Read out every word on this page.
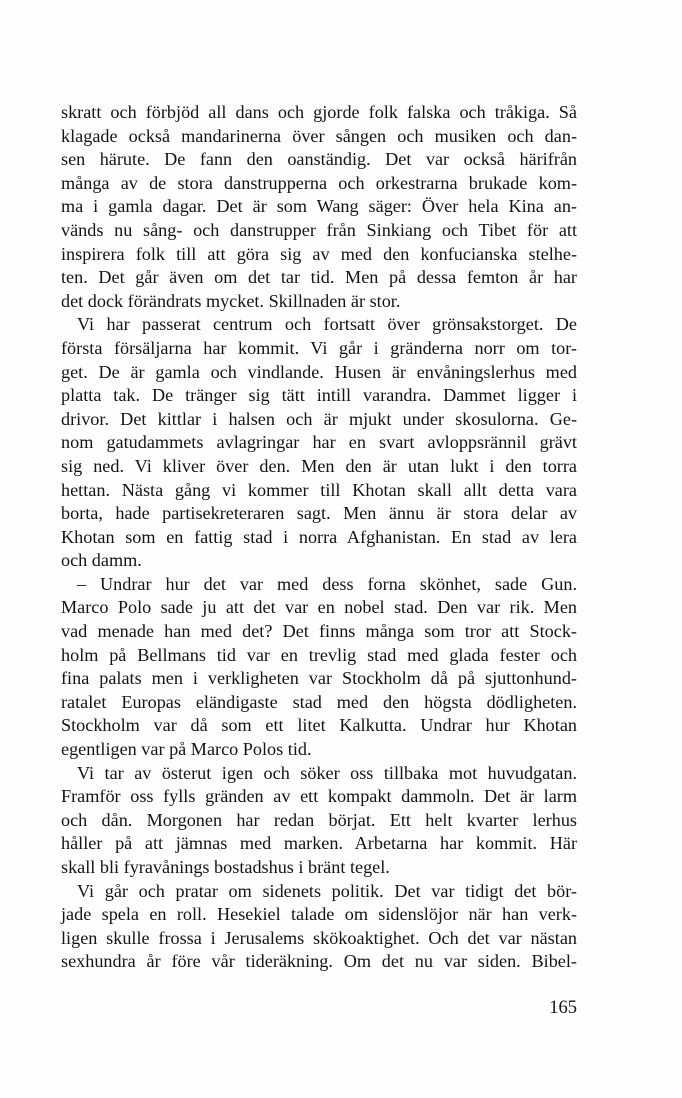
skratt och förbjöd all dans och gjorde folk falska och tråkiga. Så
klagade också mandarinerna över sången och musiken och dan-
sen härute. De fann den oanständig. Det var också härifrån
många av de stora danstrupperna och orkestrarna brukade kom-
ma i gamla dagar. Det är som Wang säger: Över hela Kina an-
vänds nu sång- och danstrupper från Sinkiang och Tibet för att
inspirera folk till att göra sig av med den konfucianska stelhe-
ten. Det går även om det tar tid. Men på dessa femton år har
det dock förändrats mycket. Skillnaden är stor.
Vi har passerat centrum och fortsatt över grönsakstorget. De
första försäljarna har kommit. Vi går i gränderna norr om tor-
get. De är gamla och vindlande. Husen är envåningslerhus med
platta tak. De tränger sig tätt intill varandra. Dammet ligger i
drivor. Det kittlar i halsen och är mjukt under skosulorna. Ge-
nom gatudammets avlagringar har en svart avloppsrännil grävt
sig ned. Vi kliver över den. Men den är utan lukt i den torra
hettan. Nästa gång vi kommer till Khotan skall allt detta vara
borta, hade partisekreteraren sagt. Men ännu är stora delar av
Khotan som en fattig stad i norra Afghanistan. En stad av lera
och damm.
– Undrar hur det var med dess forna skönhet, sade Gun.
Marco Polo sade ju att det var en nobel stad. Den var rik. Men
vad menade han med det? Det finns många som tror att Stock-
holm på Bellmans tid var en trevlig stad med glada fester och
fina palats men i verkligheten var Stockholm då på sjuttonhund-
ratalet Europas eländigaste stad med den högsta dödligheten.
Stockholm var då som ett litet Kalkutta. Undrar hur Khotan
egentligen var på Marco Polos tid.
Vi tar av österut igen och söker oss tillbaka mot huvudgatan.
Framför oss fylls gränden av ett kompakt dammoln. Det är larm
och dån. Morgonen har redan börjat. Ett helt kvarter lerhus
håller på att jämnas med marken. Arbetarna har kommit. Här
skall bli fyravånings bostadshus i bränt tegel.
Vi går och pratar om sidenets politik. Det var tidigt det bör-
jade spela en roll. Hesekiel talade om sidenslöjor när han verk-
ligen skulle frossa i Jerusalems skökoaktighet. Och det var nästan
sexhundra år före vår tideräkning. Om det nu var siden. Bibel-
165
